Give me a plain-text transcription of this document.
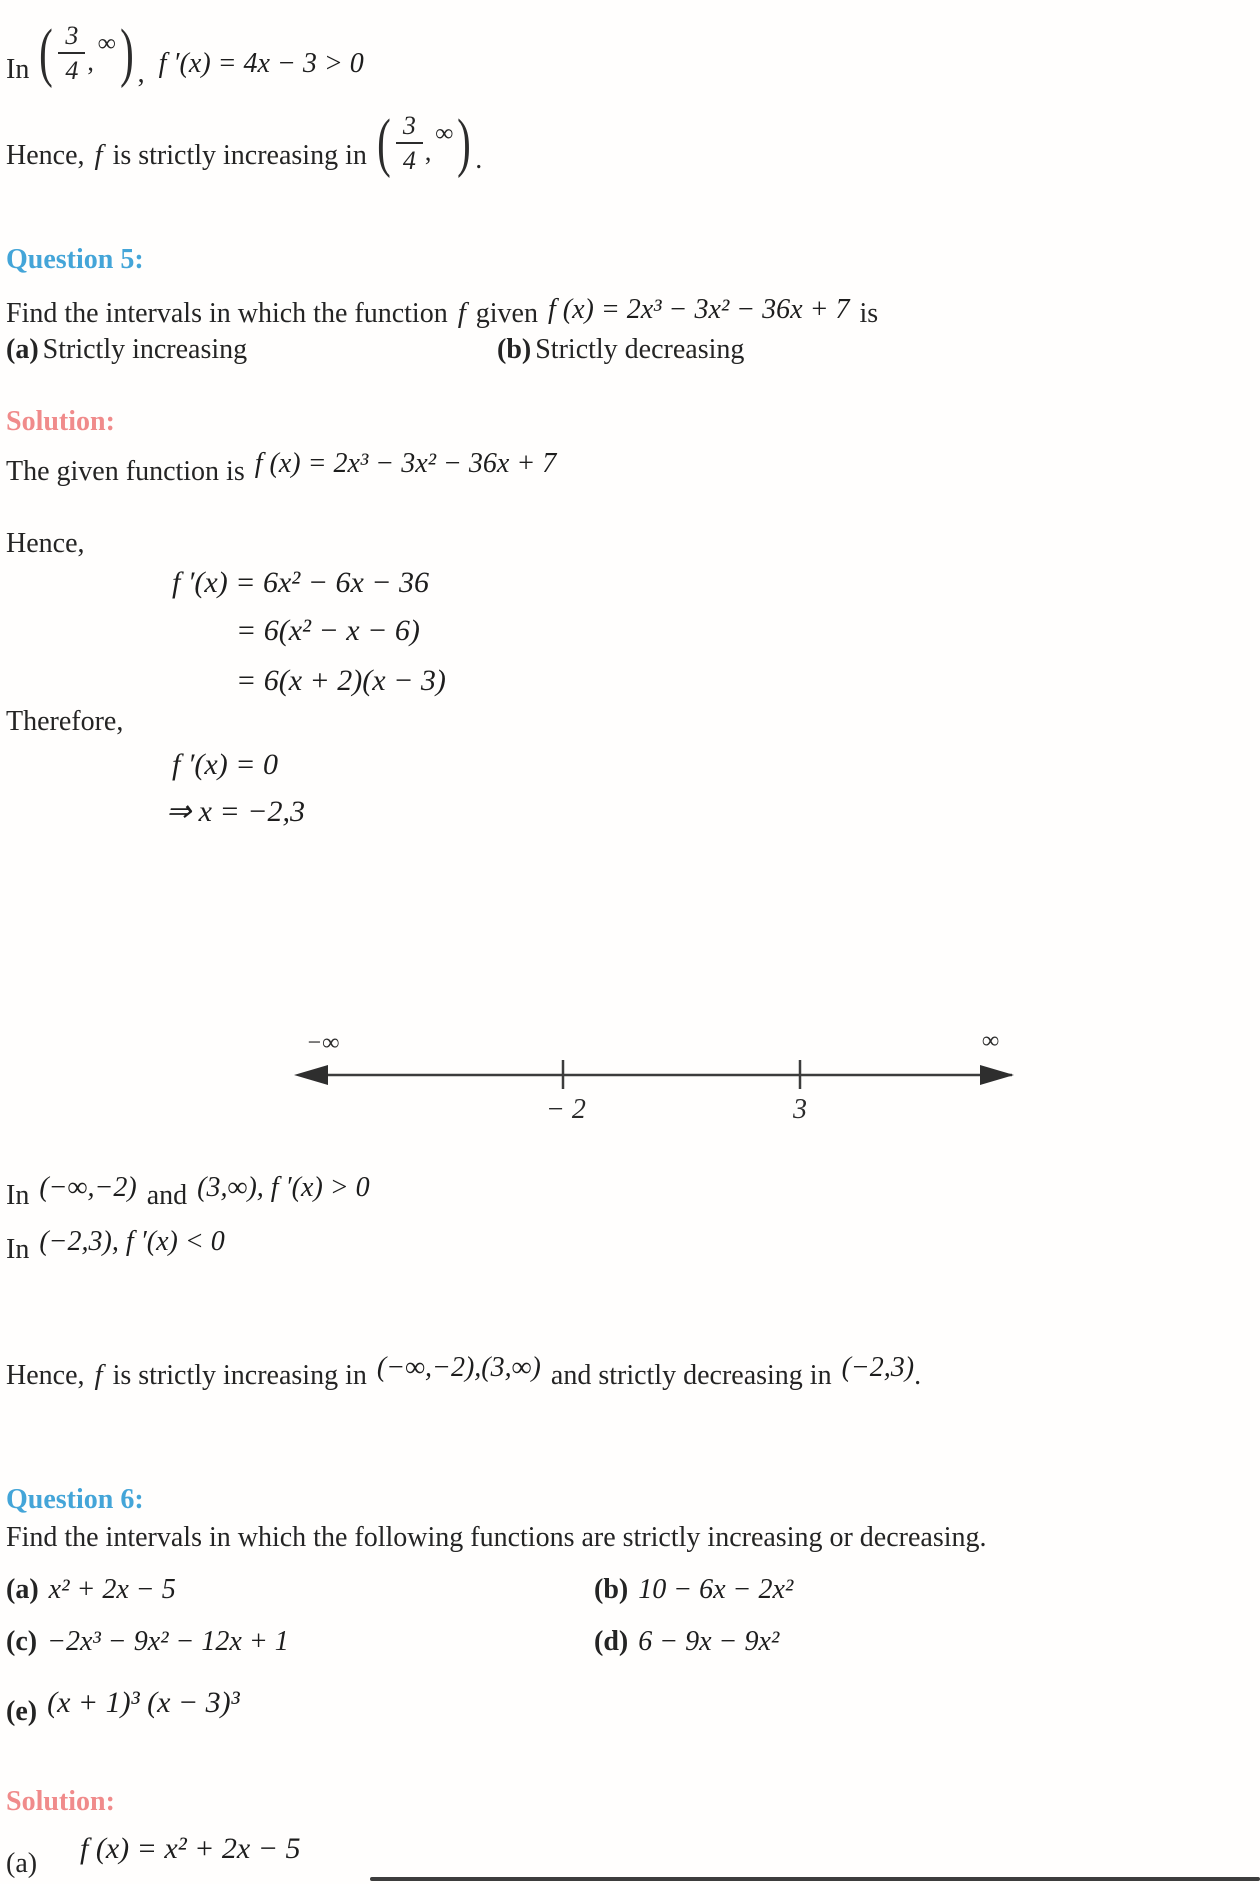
In ( $\frac{3}{4}$ ,
∞ ) , f ′(x) = 4x − 3 > 0
Hence, f is strictly increasing in ( $\frac{3}{4}$ ,
∞ ) .
Question 5:
Find the intervals in which the function f given f (x) = 2x³ − 3x² − 36x + 7 is
(a) Strictly increasing	(b) Strictly decreasing
Solution:
The given function is f (x) = 2x³ − 3x² − 36x + 7
Hence,
f ′(x) = 6x² − 6x − 36
= 6(x² − x − 6)
= 6(x + 2)(x − 3)
Therefore,
f ′(x) = 0
⇒ x = −2,3
−∞	∞
− 2	3
In (−∞,−2) and (3,∞), f ′(x) > 0
In (−2,3), f ′(x) < 0
Hence, f is strictly increasing in (−∞,−2),(3,∞) and strictly decreasing in (−2,3) .
Question 6:
Find the intervals in which the following functions are strictly increasing or decreasing.
(a) x² + 2x − 5	(b) 10 − 6x − 2x²
(c) −2x³ − 9x² − 12x + 1	(d) 6 − 9x − 9x²
(e) (x + 1)³ (x − 3)³
Solution:
(a) f (x) = x² + 2x − 5
